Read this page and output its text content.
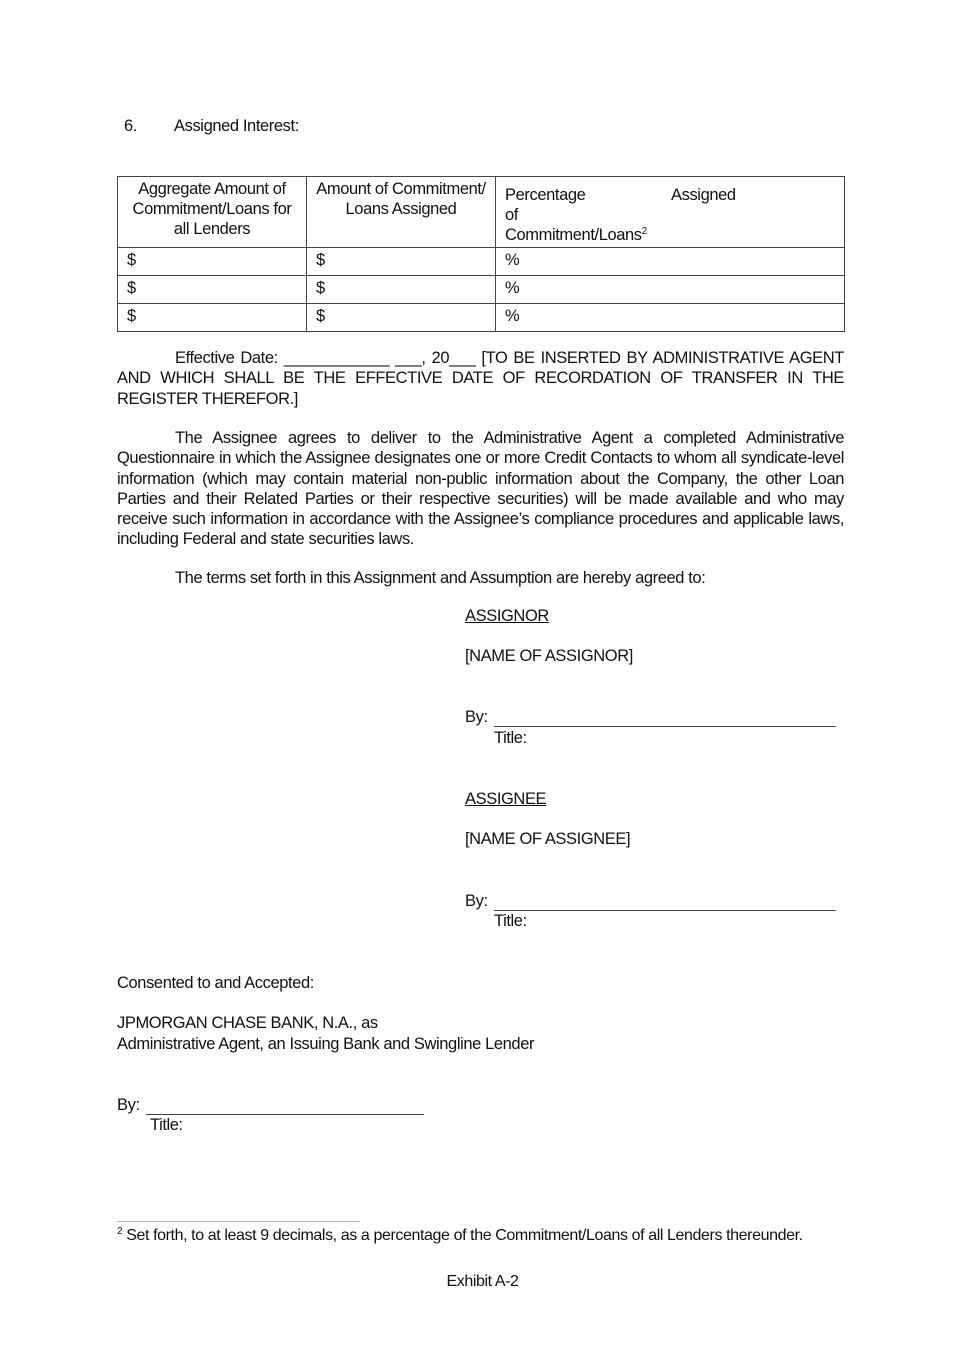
6. Assigned Interest:
Aggregate Amount of Commitment/Loans for all Lenders	Amount of Commitment/ Loans Assigned	Percentage Assigned
of
Commitment/Loans$^2$

$	$	%
$	$	%
$	$	%
Effective Date: ____________ ___, 20___ [TO BE INSERTED BY ADMINISTRATIVE AGENT AND WHICH SHALL BE THE EFFECTIVE DATE OF RECORDATION OF TRANSFER IN THE REGISTER THEREFOR.]
The Assignee agrees to deliver to the Administrative Agent a completed Administrative Questionnaire in which the Assignee designates one or more Credit Contacts to whom all syndicate-level information (which may contain material non-public information about the Company, the other Loan Parties and their Related Parties or their respective securities) will be made available and who may receive such information in accordance with the Assignee’s compliance procedures and applicable laws, including Federal and state securities laws.
The terms set forth in this Assignment and Assumption are hereby agreed to:
ASSIGNOR
[NAME OF ASSIGNOR]
By:
Title:
ASSIGNEE
[NAME OF ASSIGNEE]
By:
Title:
Consented to and Accepted:
JPMORGAN CHASE BANK, N.A., as
Administrative Agent, an Issuing Bank and Swingline Lender
By:
Title:
$^2$ Set forth, to at least 9 decimals, as a percentage of the Commitment/Loans of all Lenders thereunder.
Exhibit A-2
